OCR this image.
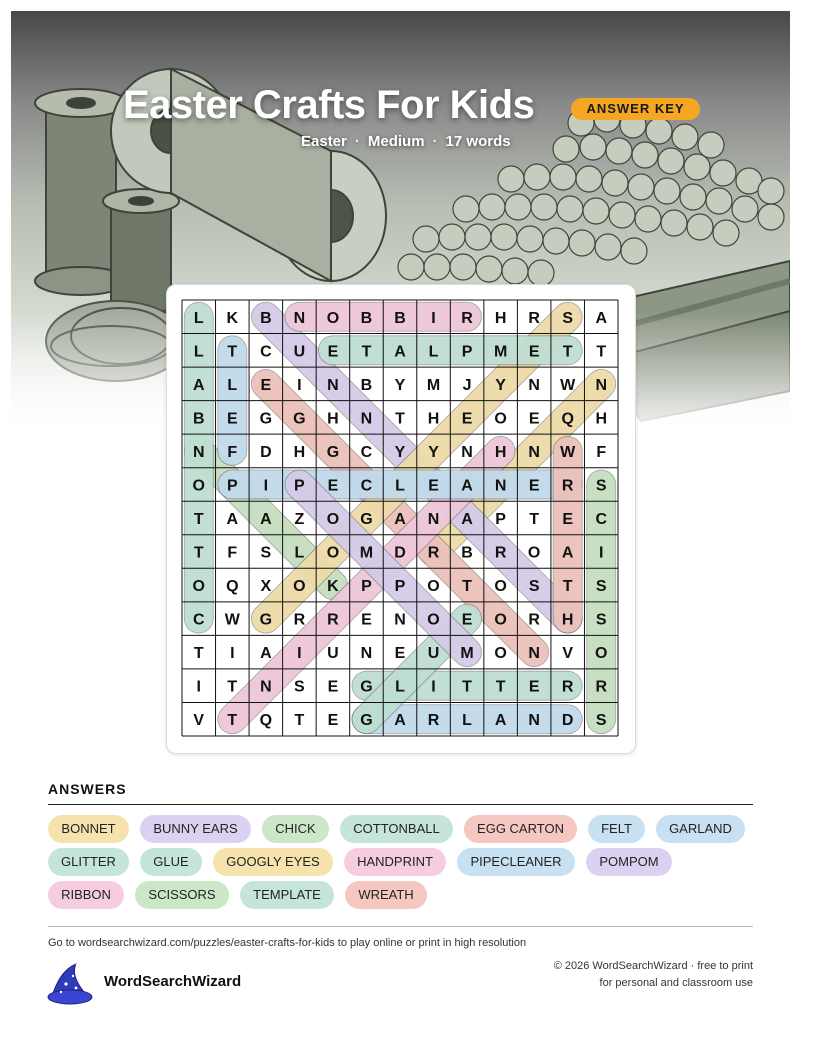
Easter Crafts For Kids	ANSWER KEY
Easter · Medium · 17 words
L K B N O B B I R H R S A
L T C U E T A L P M E T T
A L E I N B Y M J Y N W N
B E G G H N T H E O E Q H
N F D H G C Y Y N H N W F
O P I P E C L E A N E R S
T A A Z O G A N A P T E C
T F S L O M D R B R O A I
O Q X O K P P O T O S T S
C W G R R E N O E O R H S
T I A I U N E U M O N V O
I T N S E G L I T T E R R
V T Q T E G A R L A N D S
ANSWERS
BONNET	BUNNY EARS	CHICK	COTTONBALL	EGG CARTON	FELT	GARLAND
GLITTER	GLUE	GOOGLY EYES	HANDPRINT	PIPECLEANER	POMPOM
RIBBON	SCISSORS	TEMPLATE	WREATH
Go to wordsearchwizard.com/puzzles/easter-crafts-for-kids to play online or print in high resolution
WordSearchWizard
© 2026 WordSearchWizard · free to print for personal and classroom use
